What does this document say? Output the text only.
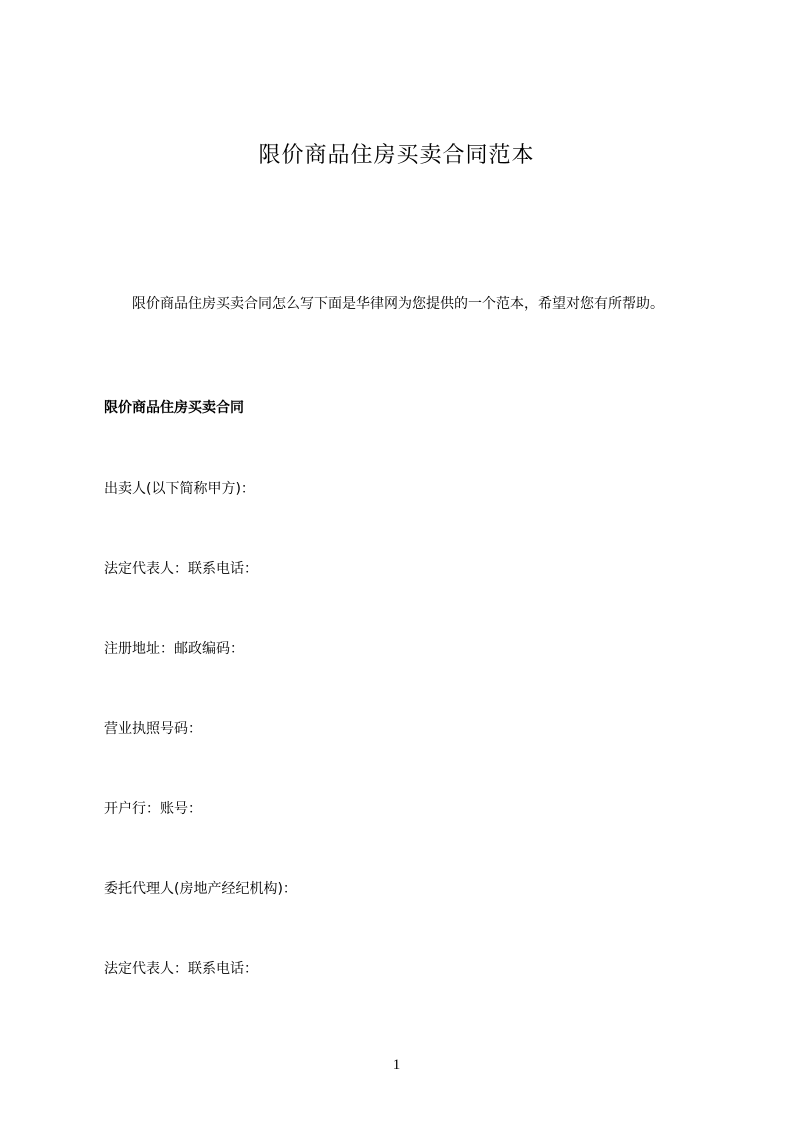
限价商品住房买卖合同范本
限价商品住房买卖合同怎么写下面是华律网为您提供的一个范本，希望对您有所帮助。
限价商品住房买卖合同
出卖人(以下简称甲方)：
法定代表人：联系电话：
注册地址：邮政编码：
营业执照号码：
开户行：账号：
委托代理人(房地产经纪机构)：
法定代表人：联系电话：
1
